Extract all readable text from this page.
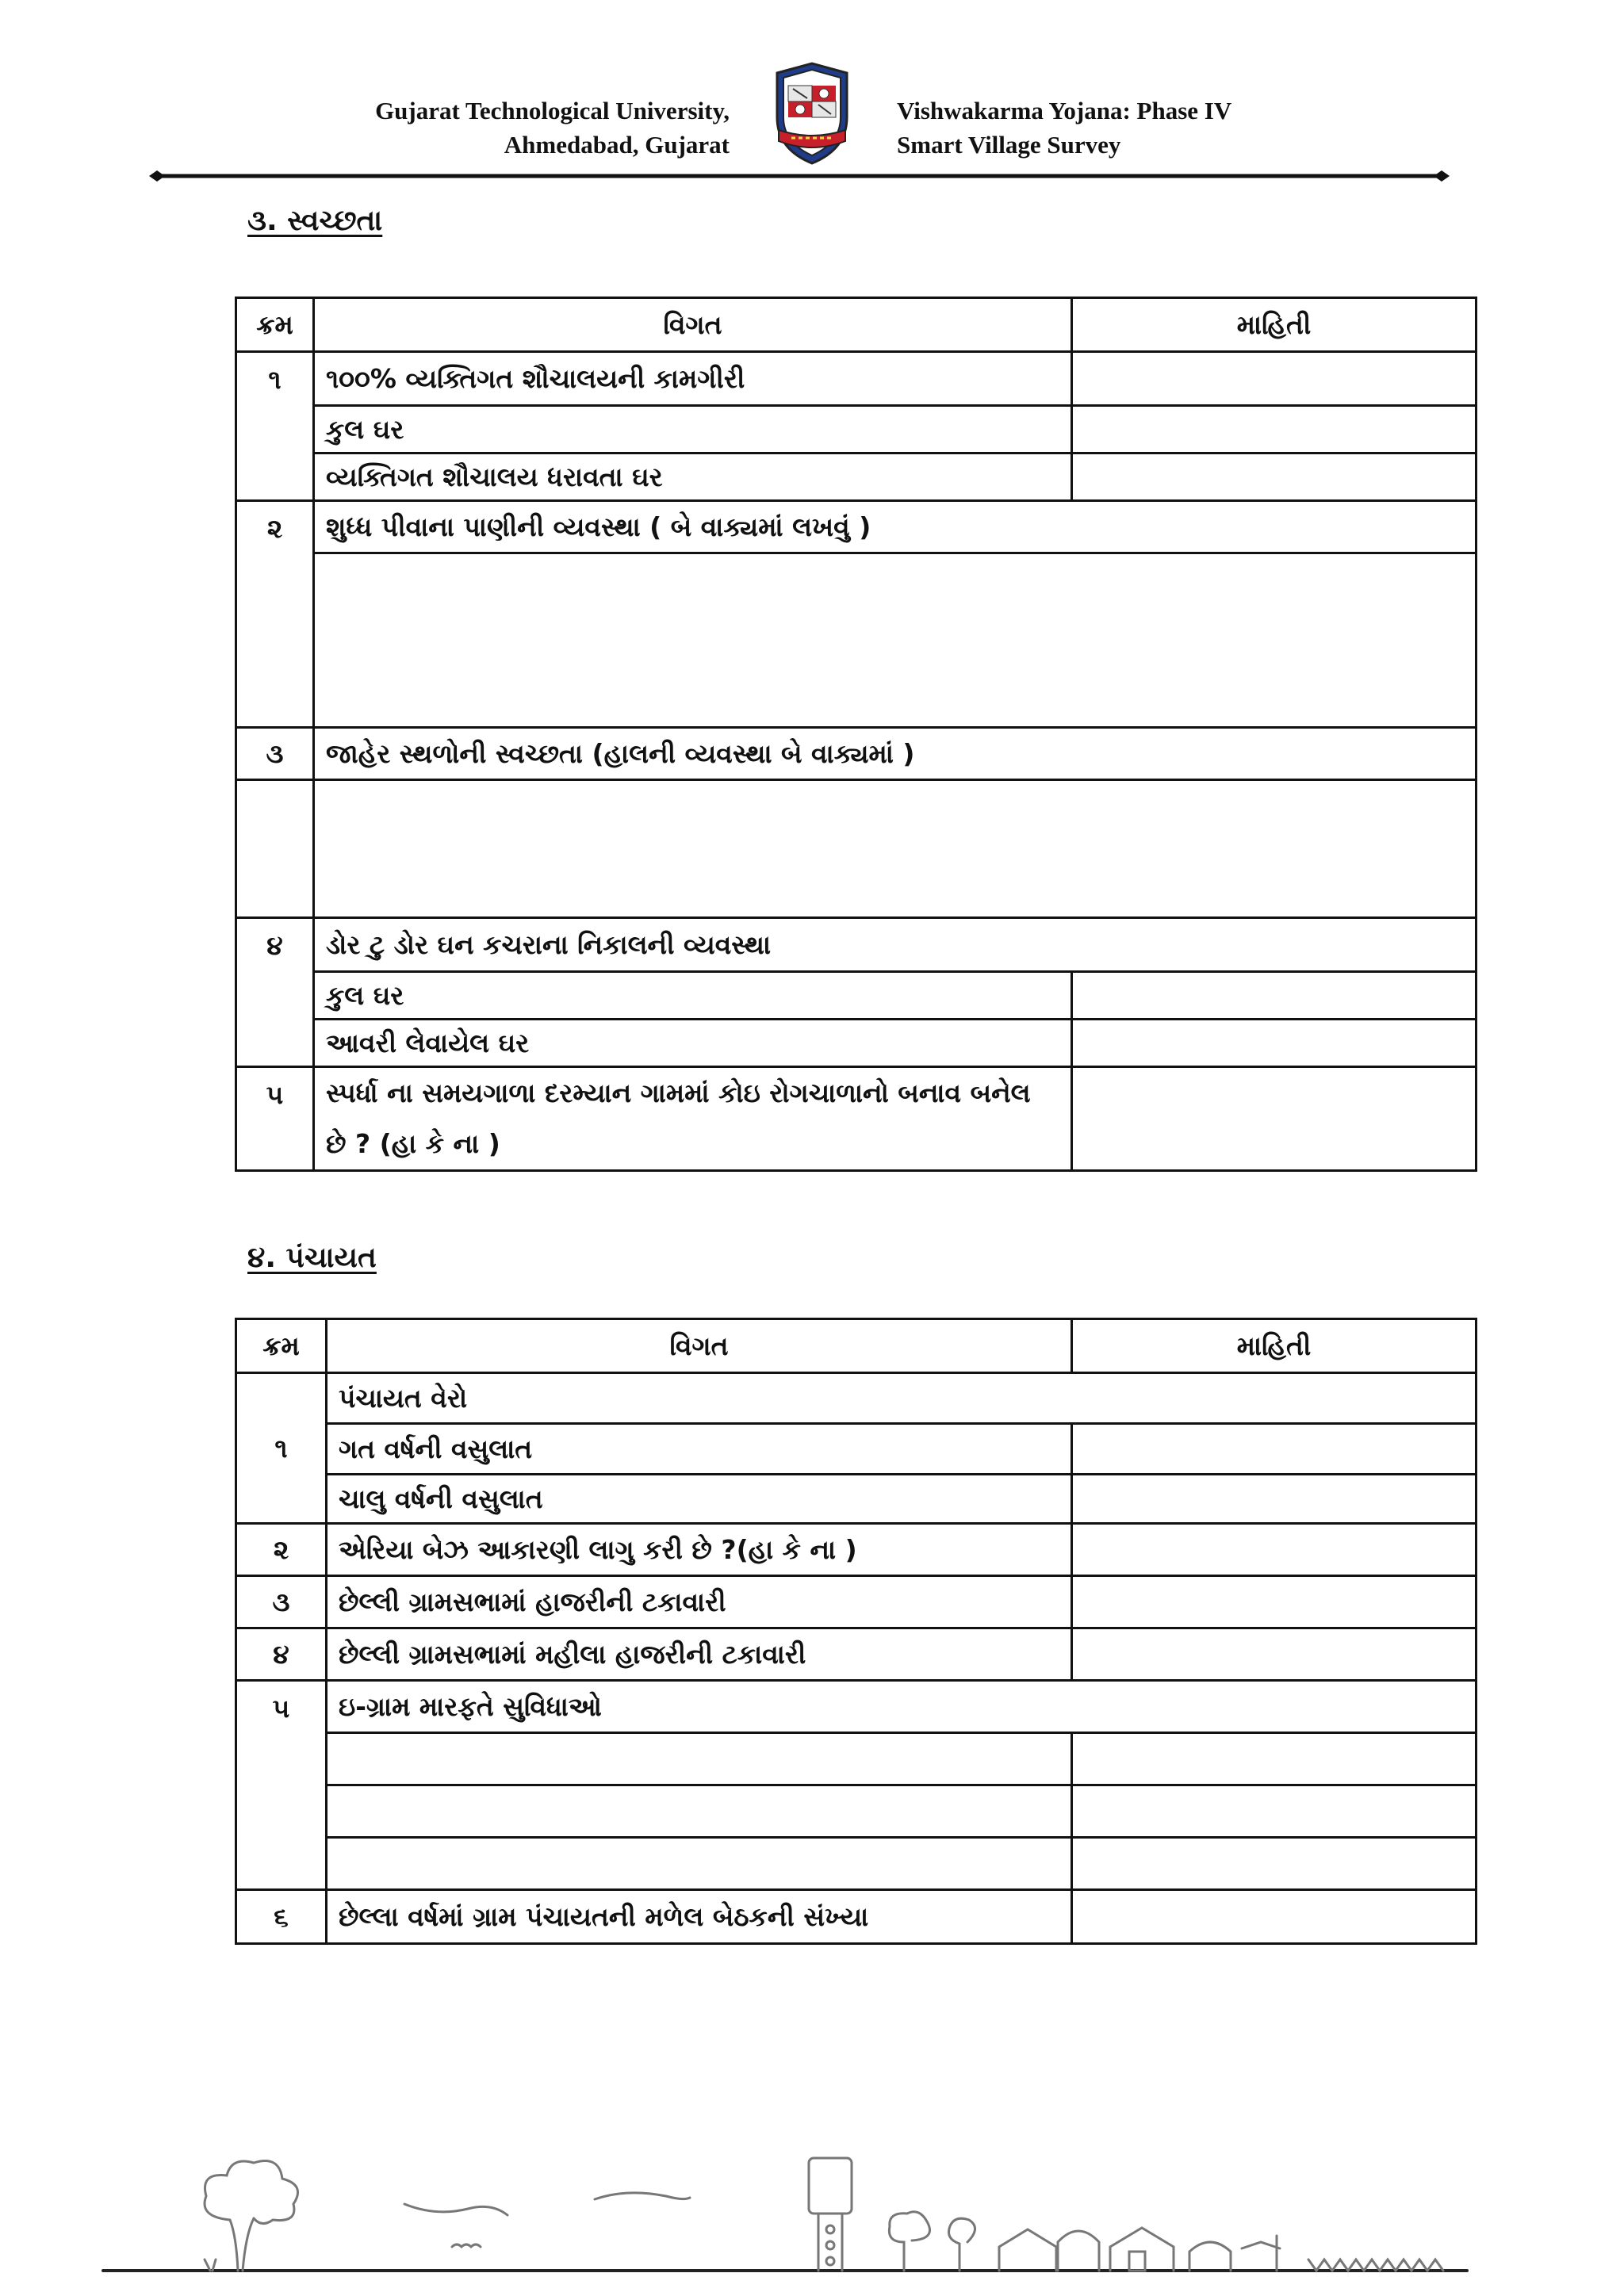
Gujarat Technological University,
Ahmedabad, Gujarat
Vishwakarma Yojana: Phase IV
Smart Village Survey
૩. સ્વચ્છતા
ક્રમ	વિગત	માહિતી
૧	૧૦૦% વ્યક્તિગત શૌચાલયની કામગીરી	
	કુલ ઘર	
	વ્યક્તિગત શૌચાલય ધરાવતા ઘર	
૨	શુધ્ધ પીવાના પાણીની વ્યવસ્થા ( બે વાક્યમાં લખવું )	

૩	જાહેર સ્થળોની સ્વચ્છતા (હાલની વ્યવસ્થા બે વાક્યમાં )	

૪	ડોર ટુ ડોર ઘન કચરાના નિકાલની વ્યવસ્થા	
	કુલ ઘર	
	આવરી લેવાયેલ ઘર	
૫	સ્પર્ધા ના સમયગાળા દરમ્યાન ગામમાં કોઇ રોગચાળાનો બનાવ બનેલ છે ? (હા કે ના )	
૪. પંચાયત
ક્રમ	વિગત	માહિતી
૧	પંચાયત વેરો	
	ગત વર્ષની વસુલાત	
	ચાલુ વર્ષની વસુલાત	
૨	એરિયા બેઝ આકારણી લાગુ કરી છે ?(હા કે ના )	
૩	છેલ્લી ગ્રામસભામાં હાજરીની ટકાવારી	
૪	છેલ્લી ગ્રામસભામાં મહીલા હાજરીની ટકાવારી	
૫	ઇ-ગ્રામ મારફતે સુવિધાઓ	

૬	છેલ્લા વર્ષમાં ગ્રામ પંચાયતની મળેલ બેઠકની સંખ્યા	
